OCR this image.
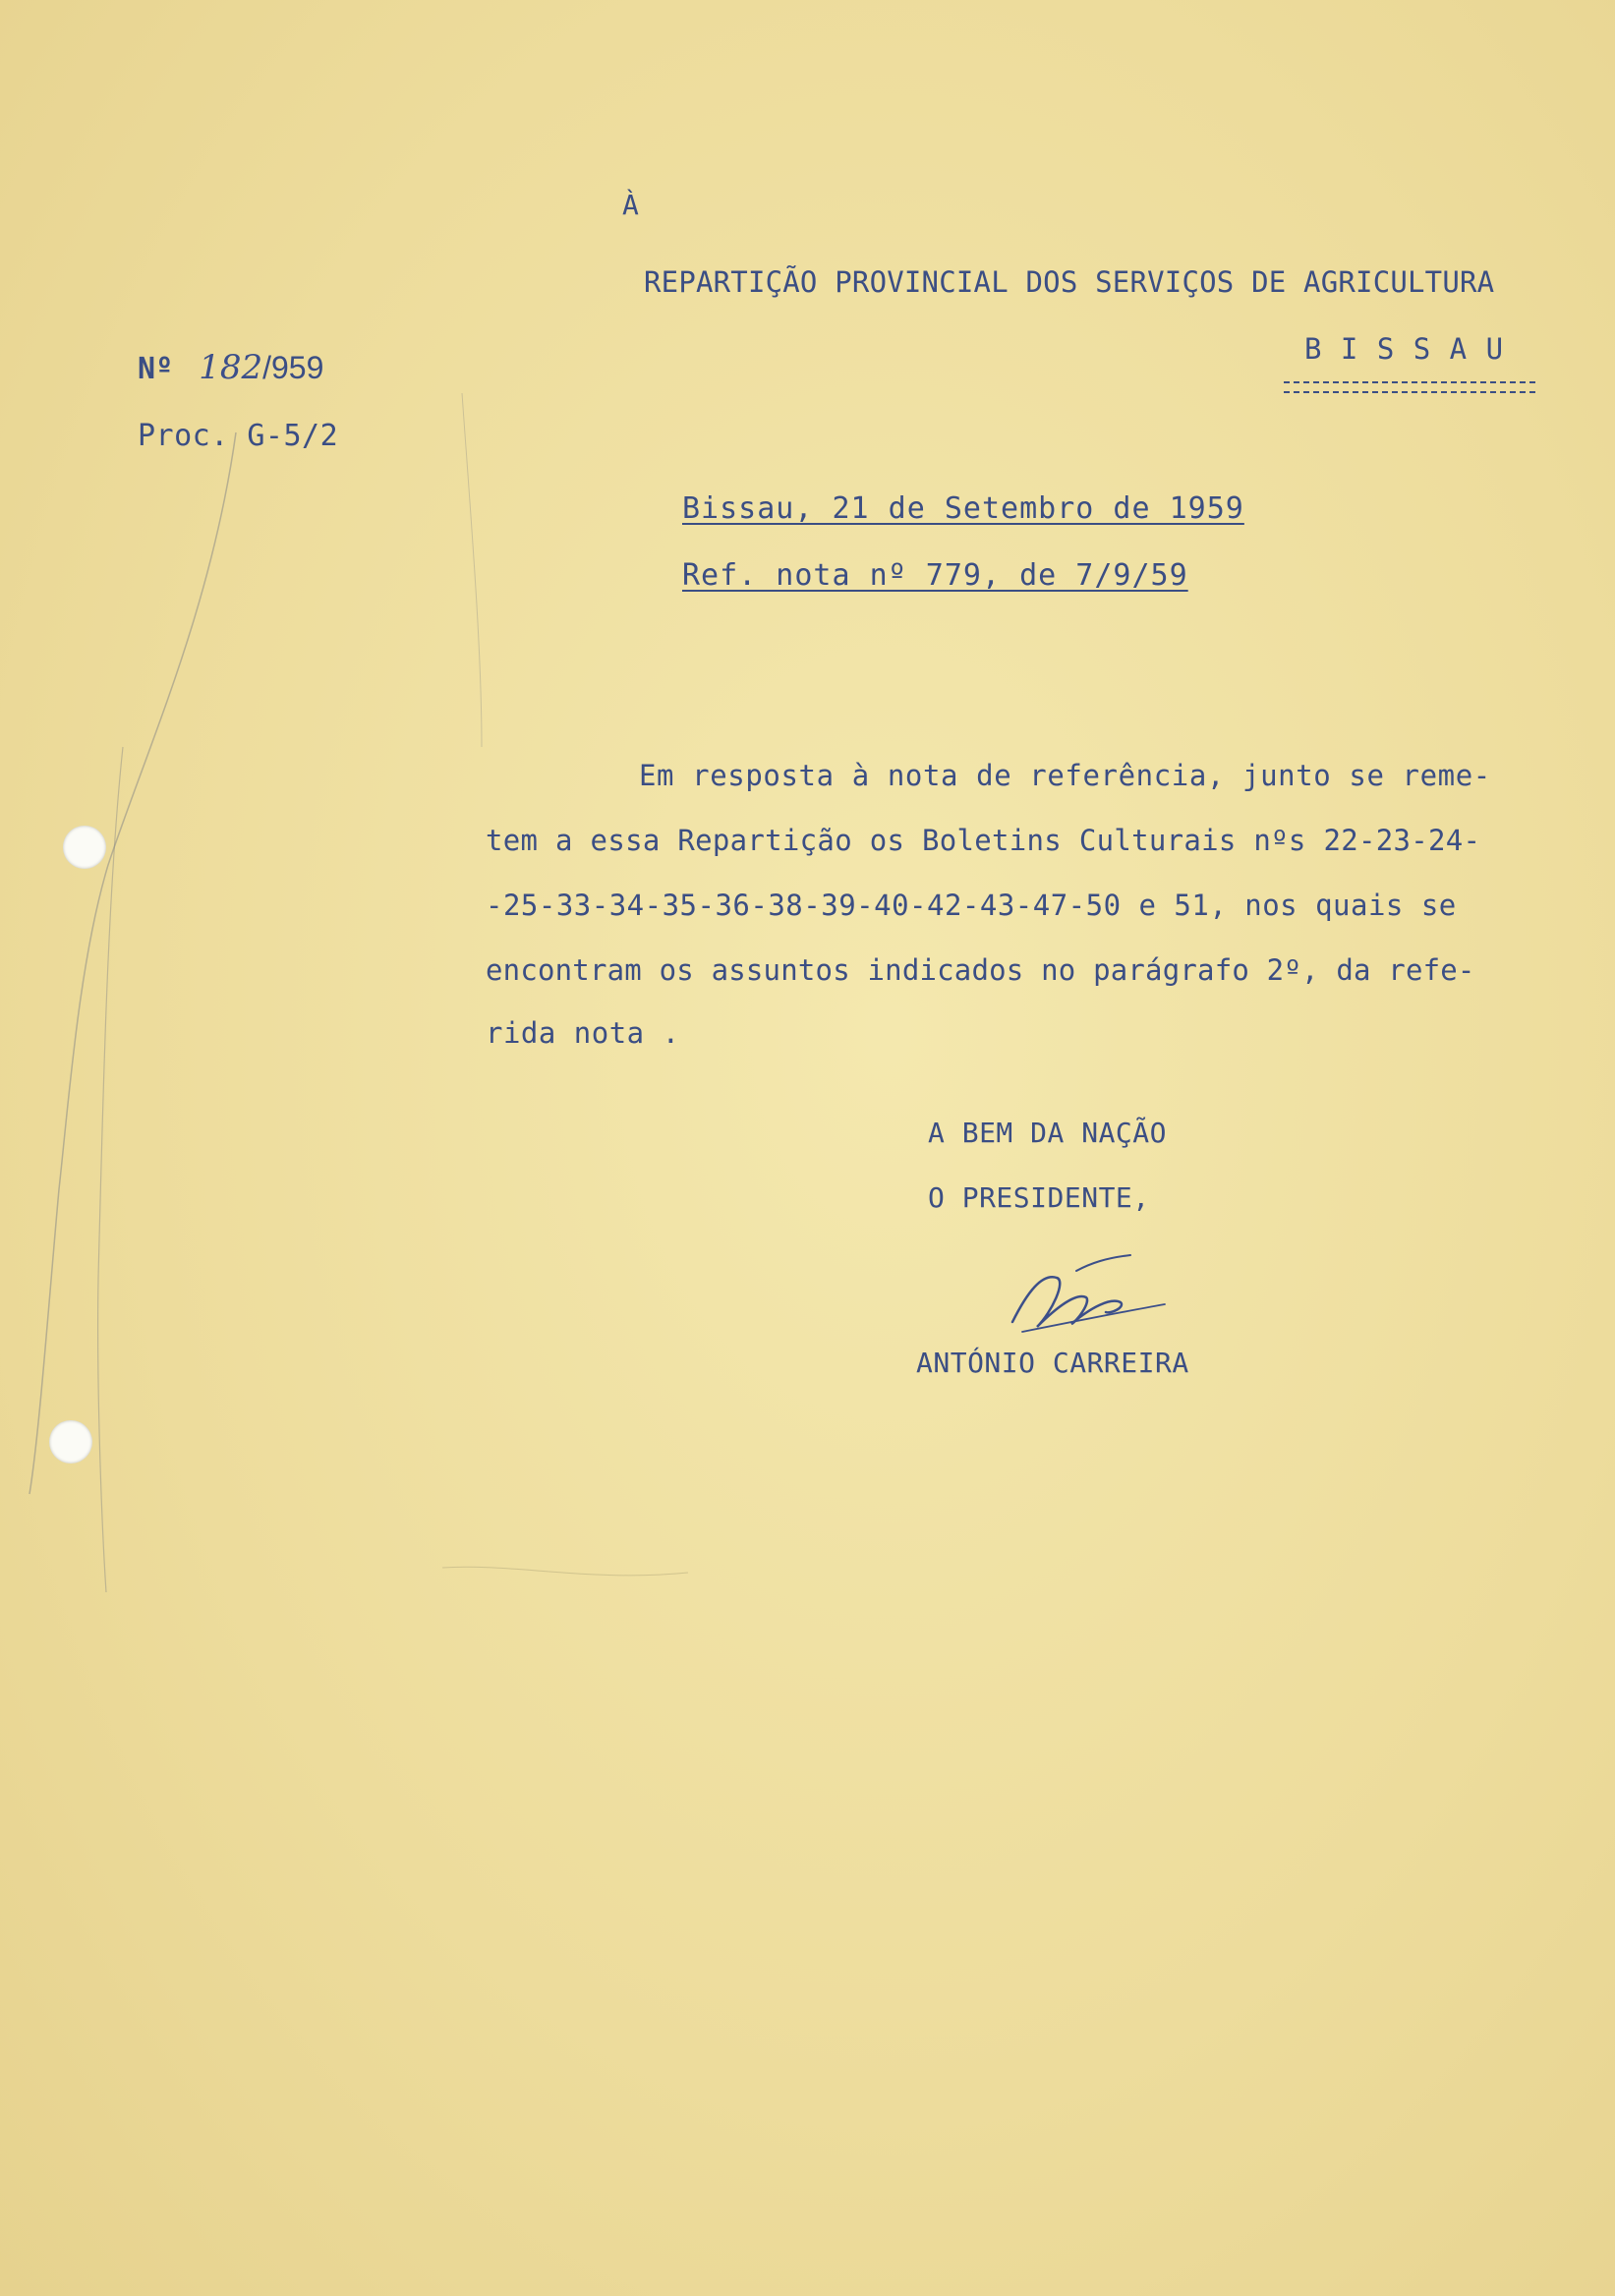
À
REPARTIÇÃO PROVINCIAL DOS SERVIÇOS DE AGRICULTURA
B I S S A U
Nº 182/959
Proc. G-5/2
Bissau, 21 de Setembro de 1959
Ref. nota nº 779, de 7/9/59
Em resposta à nota de referência, junto se reme-
tem a essa Repartição os Boletins Culturais nºs 22-23-24-
-25-33-34-35-36-38-39-40-42-43-47-50 e 51, nos quais se
encontram os assuntos indicados no parágrafo 2º, da refe-
rida nota .
A BEM DA NAÇÃO
O PRESIDENTE,
ANTÓNIO CARREIRA
